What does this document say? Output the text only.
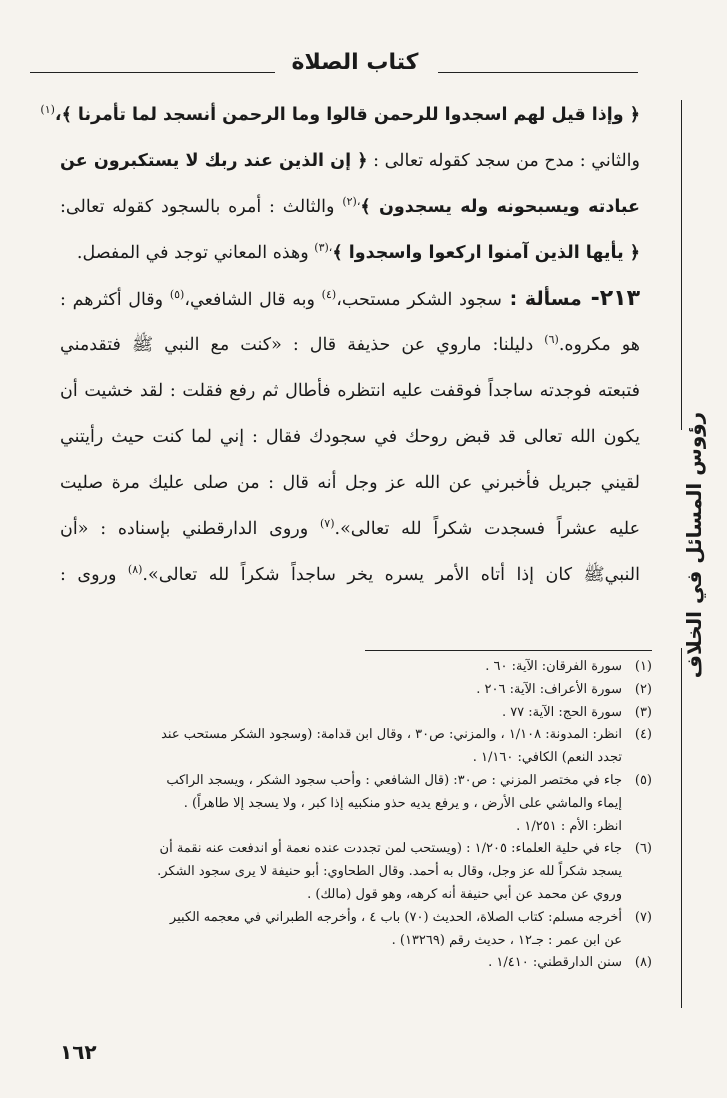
كتاب الصلاة
رؤوس المسائل في الخلاف
﴿ وإذا قيل لهم اسجدوا للرحمن قالوا وما الرحمن أنسجد لما تأمرنا ﴾،$^{(١)}$
والثاني : مدح من سجد كقوله تعالى : ﴿ إن الذين عند ربك لا يستكبرون عن
عبادته ويسبحونه وله يسجدون ﴾$^{،(٢)}$ والثالث : أمره بالسجود كقوله تعالى:
﴿ يأيها الذين آمنوا اركعوا واسجدوا ﴾$^{،(٣)}$ وهذه المعاني توجد في المفصل.
٢١٣- مسألة : سجود الشكر مستحب،$^{(٤)}$ وبه قال الشافعي،$^{(٥)}$ وقال أكثرهم :
هو مكروه.$^{(٦)}$ دليلنا: ماروي عن حذيفة قال : «كنت مع النبي ﷺ فتقدمني
فتبعته فوجدته ساجداً فوقفت عليه انتظره فأطال ثم رفع فقلت : لقد خشيت أن
يكون الله تعالى قد قبض روحك في سجودك فقال : إني لما كنت حيث رأيتني
لقيني جبريل فأخبرني عن الله عز وجل أنه قال : من صلى عليك مرة صليت
عليه عشراً فسجدت شكراً لله تعالى».$^{(٧)}$ وروى الدارقطني بإسناده : «أن
النبيﷺ كان إذا أتاه الأمر يسره يخر ساجداً شكراً لله تعالى».$^{(٨)}$ وروى :
(١)
سورة الفرقان: الآية: ٦٠ .
(٢)
سورة الأعراف: الآية: ٢٠٦ .
(٣)
سورة الحج: الآية: ٧٧ .
(٤)
انظر: المدونة: ١/١٠٨ ، والمزني: ص٣٠ ، وقال ابن قدامة: (وسجود الشكر مستحب عند
تجدد النعم) الكافي: ١/١٦٠ .
(٥)
جاء في مختصر المزني : ص٣٠: (قال الشافعي : وأحب سجود الشكر ، ويسجد الراكب
إيماء والماشي على الأرض ، و يرفع يديه حذو منكبيه إذا كبر ، ولا يسجد إلا طاهراً) .
انظر: الأم : ١/٢٥١ .
(٦)
جاء في حلية العلماء: ١/٢٠٥ : (ويستحب لمن تجددت عنده نعمة أو اندفعت عنه نقمة أن
يسجد شكراً لله عز وجل، وقال به أحمد. وقال الطحاوي: أبو حنيفة لا يرى سجود الشكر.
وروي عن محمد عن أبي حنيفة أنه كرهه، وهو قول (مالك) .
(٧)
أخرجه مسلم: كتاب الصلاة، الحديث (٧٠) باب ٤ ، وأخرجه الطبراني في معجمه الكبير
عن ابن عمر : جـ١٢ ، حديث رقم (١٣٢٦٩) .
(٨)
سنن الدارقطني: ١/٤١٠ .
١٦٢
